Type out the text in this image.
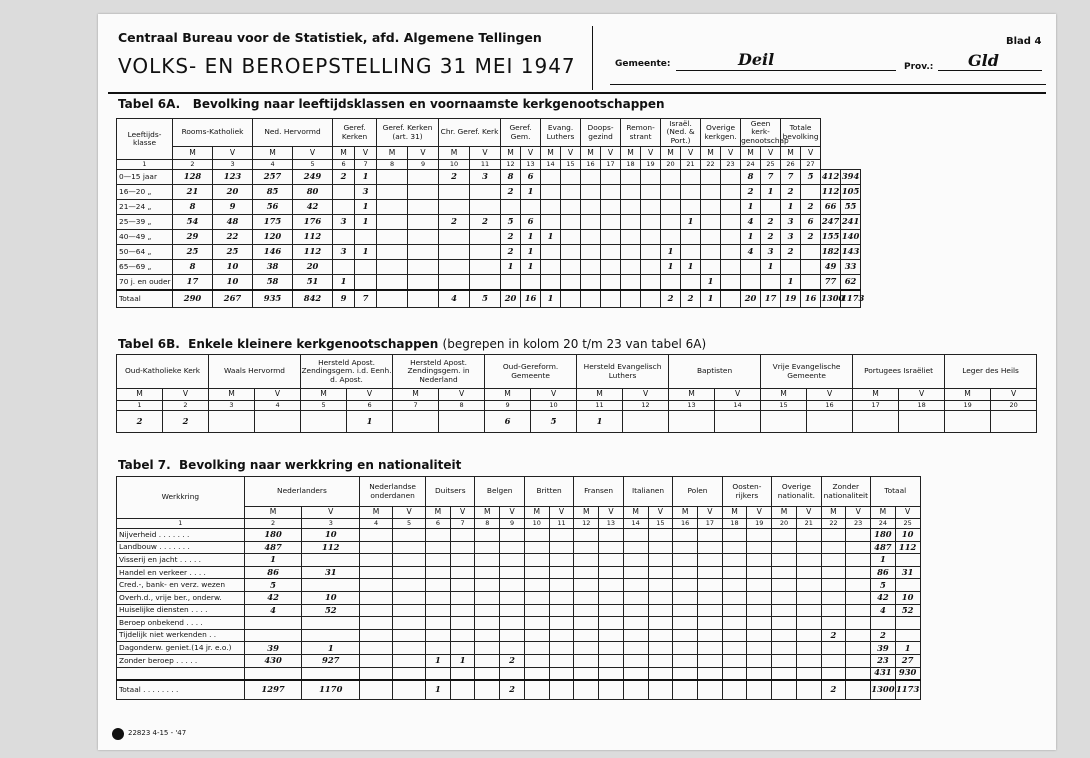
Centraal Bureau voor de Statistiek, afd. Algemene Tellingen
VOLKS- EN BEROEPSTELLING 31 MEI 1947	Gemeente:	Deil	Prov.: Gld
Blad 4
Tabel 6A. Bevolking naar leeftijdsklassen en voornaamste kerkgenootschappen
Leeftijds-klasse	Rooms-Katholiek		Ned. Hervormd		Geref. Kerken		Geref. Kerken (art. 31)		Chr. Geref. Kerk		Geref. Gem.		Evang. Luthers		Doops-gezind		Remon-strant		Israël. (Ned. & Port.)		Overige kerkgen.		Geen kerk-genootschap		Totale bevolking			
	M	V	M	V	M	V	M	V	M	V	M	V	M	V	M	V	M	V	M	V	M	V	M	V	M	V		
1	2	3	4	5	6	7	8	9	10	11	12	13	14	15	16	17	18	19	20	21	22	23	24	25	26	27		
0—15 jaar	128	123	257	249	2	1			2	3	8	6											8	7	7	5	412	394
16—20 „	21	20	85	80		3					2	1											2	1	2		112	105
21—24 „	8	9	56	42		1																	1		1	2	66	55
25—39 „	54	48	175	176	3	1			2	2	5	6								1			4	2	3	6	247	241
40—49 „	29	22	120	112							2	1	1										1	2	3	2	155	140
50—64 „	25	25	146	112	3	1					2	1							1				4	3	2		182	143
65—69 „	8	10	38	20							1	1							1	1				1			49	33
70 j. en ouder	17	10	58	51	1																1				1		77	62
Totaal	290	267	935	842	9	7			4	5	20	16	1						2	2	1		20	17	19	16	1300	1173
Tabel 6B. Enkele kleinere kerkgenootschappen (begrepen in kolom 20 t/m 23 van tabel 6A)
Oud-Katholieke Kerk		Waals Hervormd		Hersteld Apost. Zendingsgem. i.d. Eenh. d. Apost.		Hersteld Apost. Zendingsgem. in Nederland		Oud-Gereform. Gemeente		Hersteld Evangelisch Luthers		Baptisten		Vrije Evangelische Gemeente		Portugees Israëliet		Leger des Heils	
M	V	M	V	M	V	M	V	M	V	M	V	M	V	M	V	M	V	M	V
1	2	3	4	5	6	7	8	9	10	11	12	13	14	15	16	17	18	19	20
2	2				1			6	5	1									
Tabel 7. Bevolking naar werkkring en nationaliteit
Werkkring	Nederlanders		Nederlandse onderdanen		Duitsers		Belgen		Britten		Fransen		Italianen		Polen		Oosten-rijkers		Overige nationalit.		Zonder nationaliteit		Totaal	
	M	V	M	V	M	V	M	V	M	V	M	V	M	V	M	V	M	V	M	V	M	V	M	V
1	2	3	4	5	6	7	8	9	10	11	12	13	14	15	16	17	18	19	20	21	22	23	24	25
Nijverheid . . . . . . .	180	10																					180	10
Landbouw . . . . . . .	487	112																					487	112
Visserij en jacht . . . . .	1																						1	
Handel en verkeer . . . .	86	31																					86	31
Cred.-, bank- en verz. wezen	5																						5	
Overh.d., vrije ber., onderw.	42	10																					42	10
Huiselijke diensten . . . .	4	52																					4	52
Beroep onbekend . . . .																								
Tijdelijk niet werkenden . .																					2		2	
Dagonderw. geniet.(14 jr. e.o.)	39	1																					39	1
Zonder beroep . . . . .	430	927			1	1		2															23	27
																							431	930
Totaal . . . . . . . .	1297	1170			1			2													2		1300	1173
22823 4-15 - '47
